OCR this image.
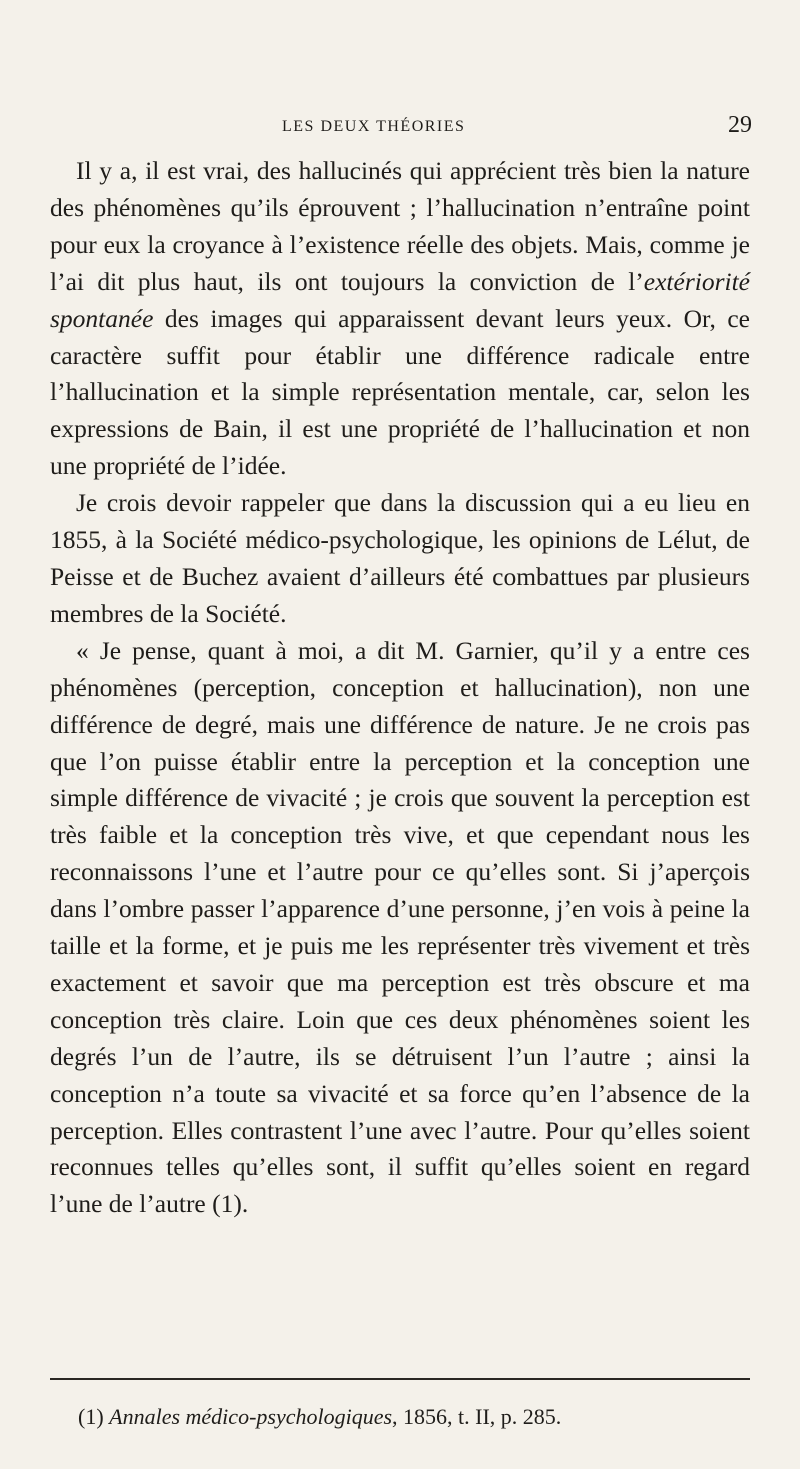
LES DEUX THÉORIES	29

Il y a, il est vrai, des hallucinés qui apprécient très bien la nature des phénomènes qu’ils éprouvent ; l’hallucination n’entraîne point pour eux la croyance à l’existence réelle des objets. Mais, comme je l’ai dit plus haut, ils ont toujours la conviction de l’extériorité spontanée des images qui apparaissent devant leurs yeux. Or, ce caractère suffit pour établir une différence radicale entre l’hallucination et la simple représentation mentale, car, selon les expressions de Bain, il est une propriété de l’hallucination et non une propriété de l’idée.

Je crois devoir rappeler que dans la discussion qui a eu lieu en 1855, à la Société médico-psychologique, les opinions de Lélut, de Peisse et de Buchez avaient d’ailleurs été combattues par plusieurs membres de la Société.

« Je pense, quant à moi, a dit M. Garnier, qu’il y a entre ces phénomènes (perception, conception et hallucination), non une différence de degré, mais une différence de nature. Je ne crois pas que l’on puisse établir entre la perception et la conception une simple différence de vivacité ; je crois que souvent la perception est très faible et la conception très vive, et que cependant nous les reconnaissons l’une et l’autre pour ce qu’elles sont. Si j’aperçois dans l’ombre passer l’apparence d’une personne, j’en vois à peine la taille et la forme, et je puis me les représenter très vivement et très exactement et savoir que ma perception est très obscure et ma conception très claire. Loin que ces deux phénomènes soient les degrés l’un de l’autre, ils se détruisent l’un l’autre ; ainsi la conception n’a toute sa vivacité et sa force qu’en l’absence de la perception. Elles contrastent l’une avec l’autre. Pour qu’elles soient reconnues telles qu’elles sont, il suffit qu’elles soient en regard l’une de l’autre (1).

(1) Annales médico-psychologiques, 1856, t. II, p. 285.
